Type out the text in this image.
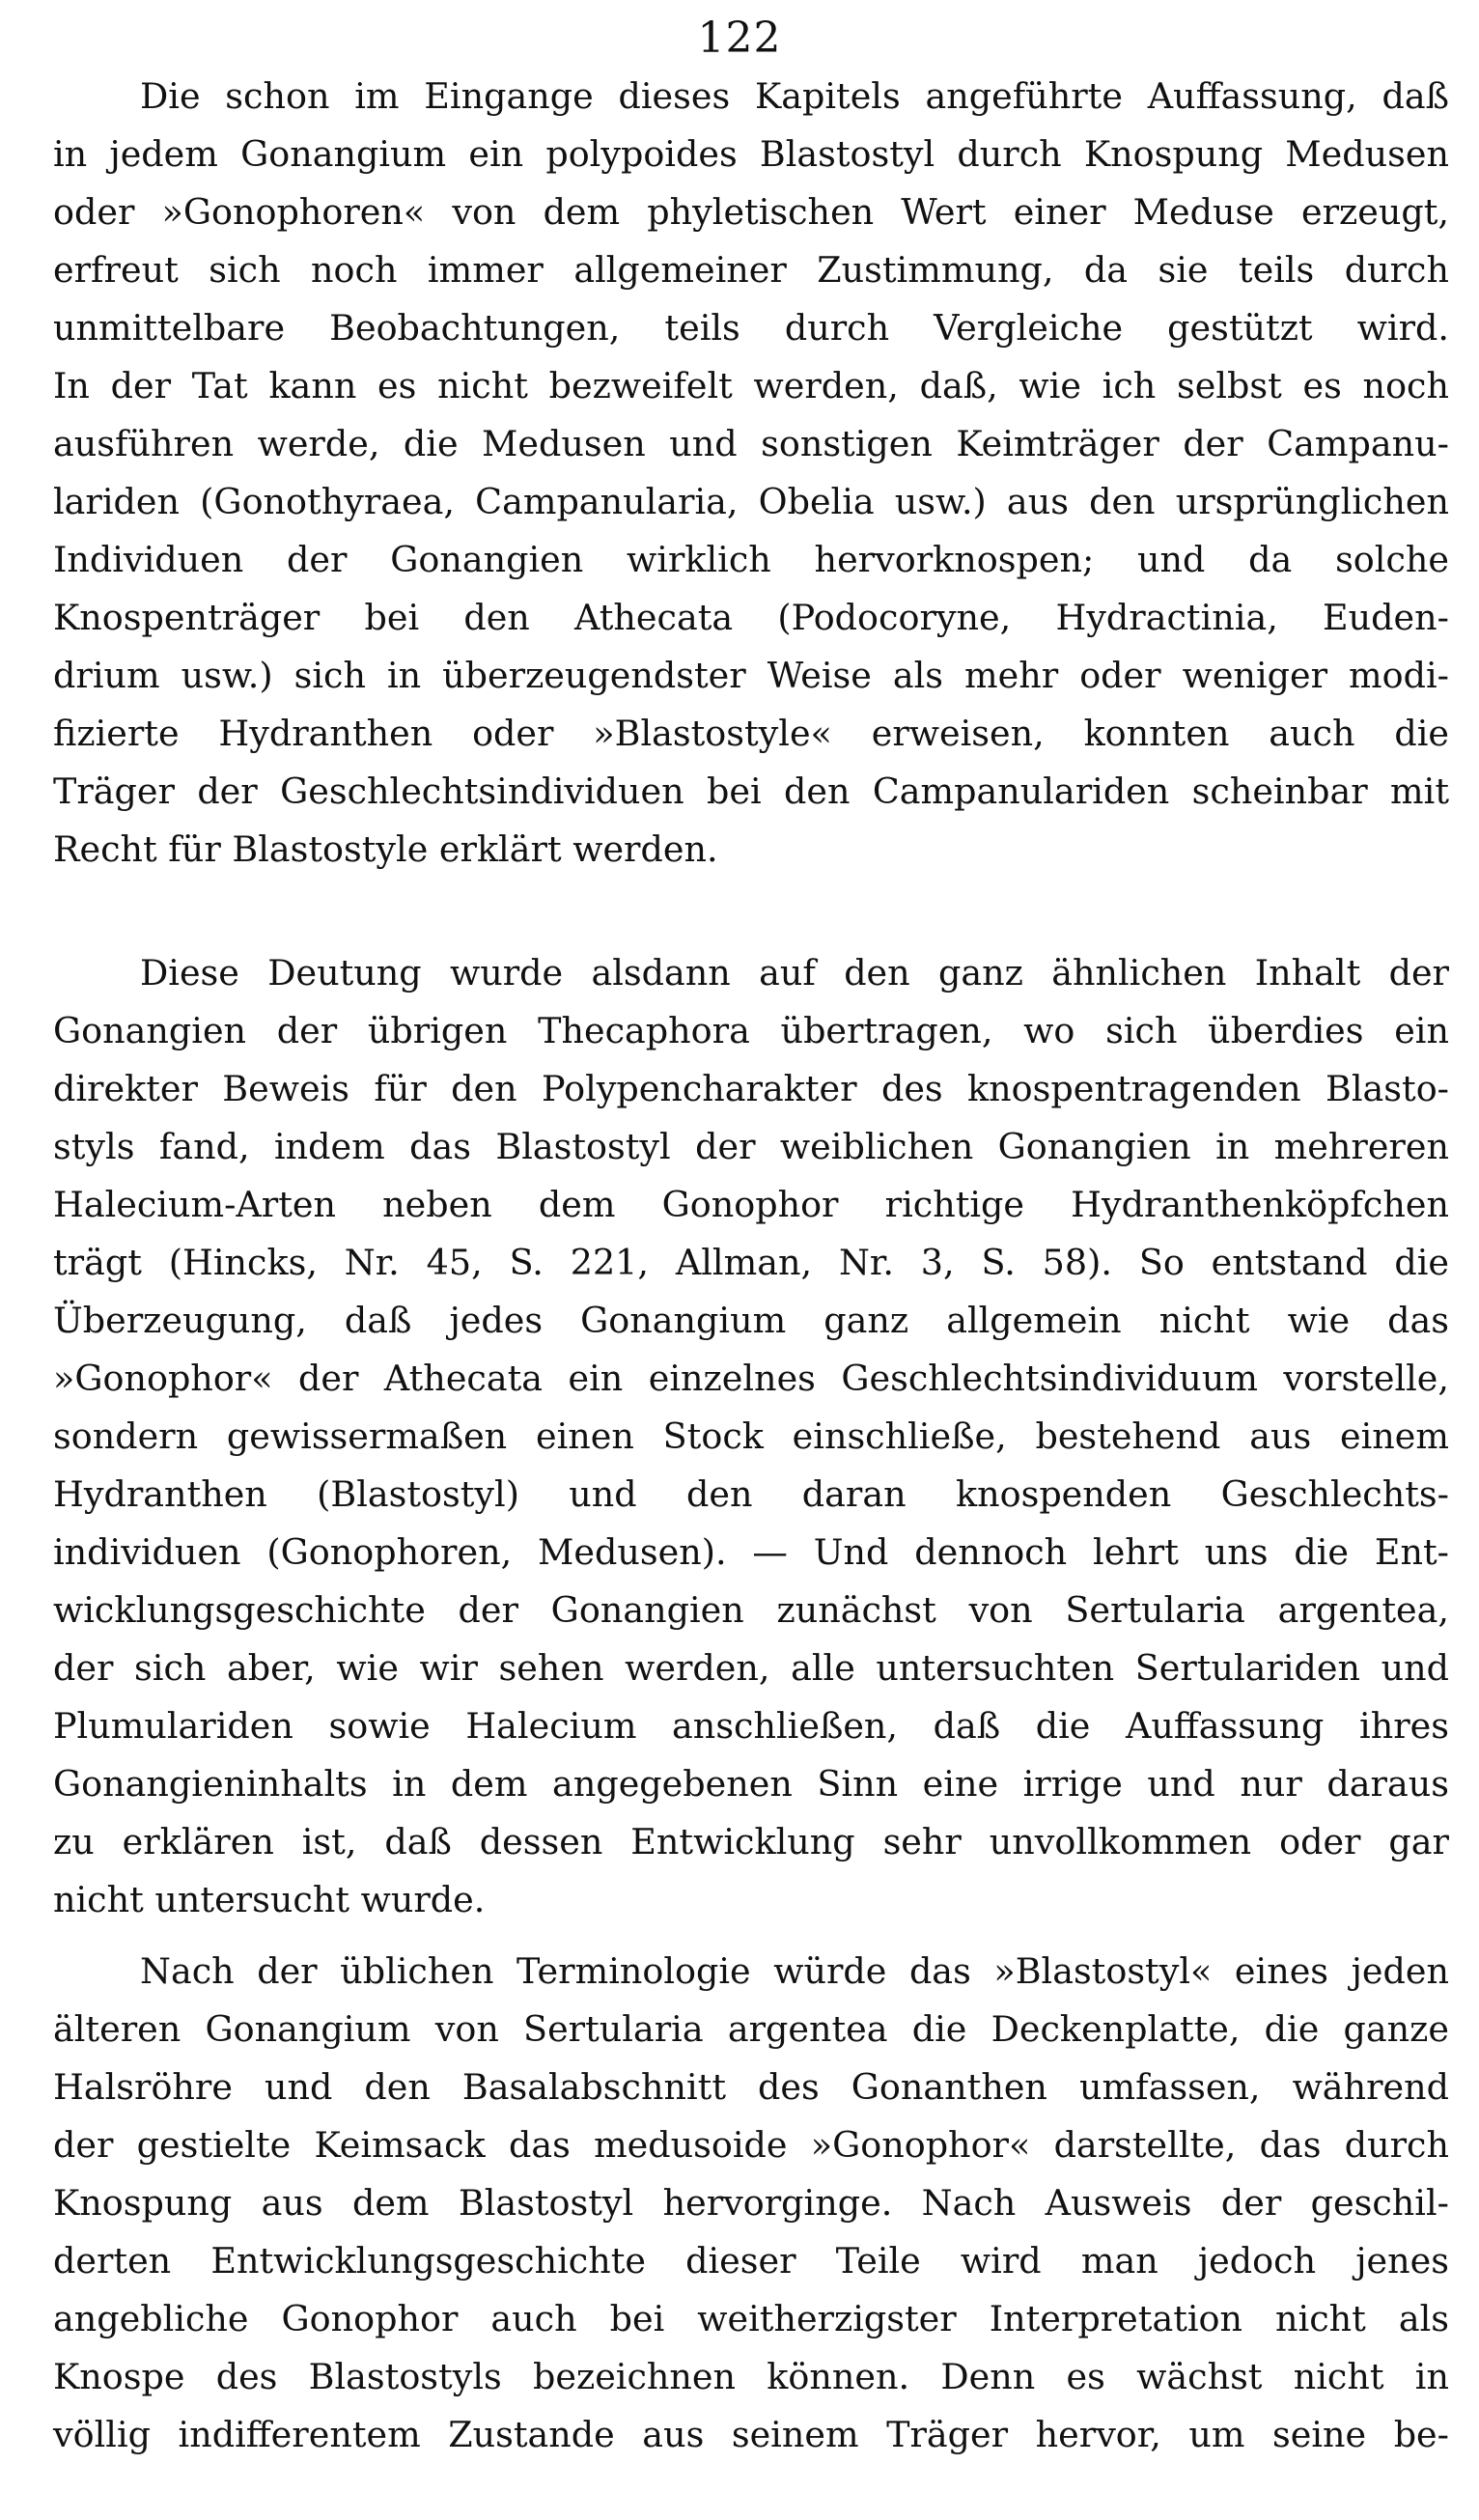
122
Die schon im Eingange dieses Kapitels angeführte Auffassung, daß
in jedem Gonangium ein polypoides Blastostyl durch Knospung Medusen
oder »Gonophoren« von dem phyletischen Wert einer Meduse erzeugt,
erfreut sich noch immer allgemeiner Zustimmung, da sie teils durch
unmittelbare Beobachtungen, teils durch Vergleiche gestützt wird.
In der Tat kann es nicht bezweifelt werden, daß, wie ich selbst es noch
ausführen werde, die Medusen und sonstigen Keimträger der Campanu-
lariden (Gonothyraea, Campanularia, Obelia usw.) aus den ursprünglichen
Individuen der Gonangien wirklich hervorknospen; und da solche
Knospenträger bei den Athecata (Podocoryne, Hydractinia, Euden-
drium usw.) sich in überzeugendster Weise als mehr oder weniger modi-
fizierte Hydranthen oder »Blastostyle« erweisen, konnten auch die
Träger der Geschlechtsindividuen bei den Campanulariden scheinbar mit
Recht für Blastostyle erklärt werden.
Diese Deutung wurde alsdann auf den ganz ähnlichen Inhalt der
Gonangien der übrigen Thecaphora übertragen, wo sich überdies ein
direkter Beweis für den Polypencharakter des knospentragenden Blasto-
styls fand, indem das Blastostyl der weiblichen Gonangien in mehreren
Halecium-Arten neben dem Gonophor richtige Hydranthenköpfchen
trägt (Hincks, Nr. 45, S. 221, Allman, Nr. 3, S. 58). So entstand die
Überzeugung, daß jedes Gonangium ganz allgemein nicht wie das
»Gonophor« der Athecata ein einzelnes Geschlechtsindividuum vorstelle,
sondern gewissermaßen einen Stock einschließe, bestehend aus einem
Hydranthen (Blastostyl) und den daran knospenden Geschlechts-
individuen (Gonophoren, Medusen). — Und dennoch lehrt uns die Ent-
wicklungsgeschichte der Gonangien zunächst von Sertularia argentea,
der sich aber, wie wir sehen werden, alle untersuchten Sertulariden und
Plumulariden sowie Halecium anschließen, daß die Auffassung ihres
Gonangieninhalts in dem angegebenen Sinn eine irrige und nur daraus
zu erklären ist, daß dessen Entwicklung sehr unvollkommen oder gar
nicht untersucht wurde.
Nach der üblichen Terminologie würde das »Blastostyl« eines jeden
älteren Gonangium von Sertularia argentea die Deckenplatte, die ganze
Halsröhre und den Basalabschnitt des Gonanthen umfassen, während
der gestielte Keimsack das medusoide »Gonophor« darstellte, das durch
Knospung aus dem Blastostyl hervorginge. Nach Ausweis der geschil-
derten Entwicklungsgeschichte dieser Teile wird man jedoch jenes
angebliche Gonophor auch bei weitherzigster Interpretation nicht als
Knospe des Blastostyls bezeichnen können. Denn es wächst nicht in
völlig indifferentem Zustande aus seinem Träger hervor, um seine be-
